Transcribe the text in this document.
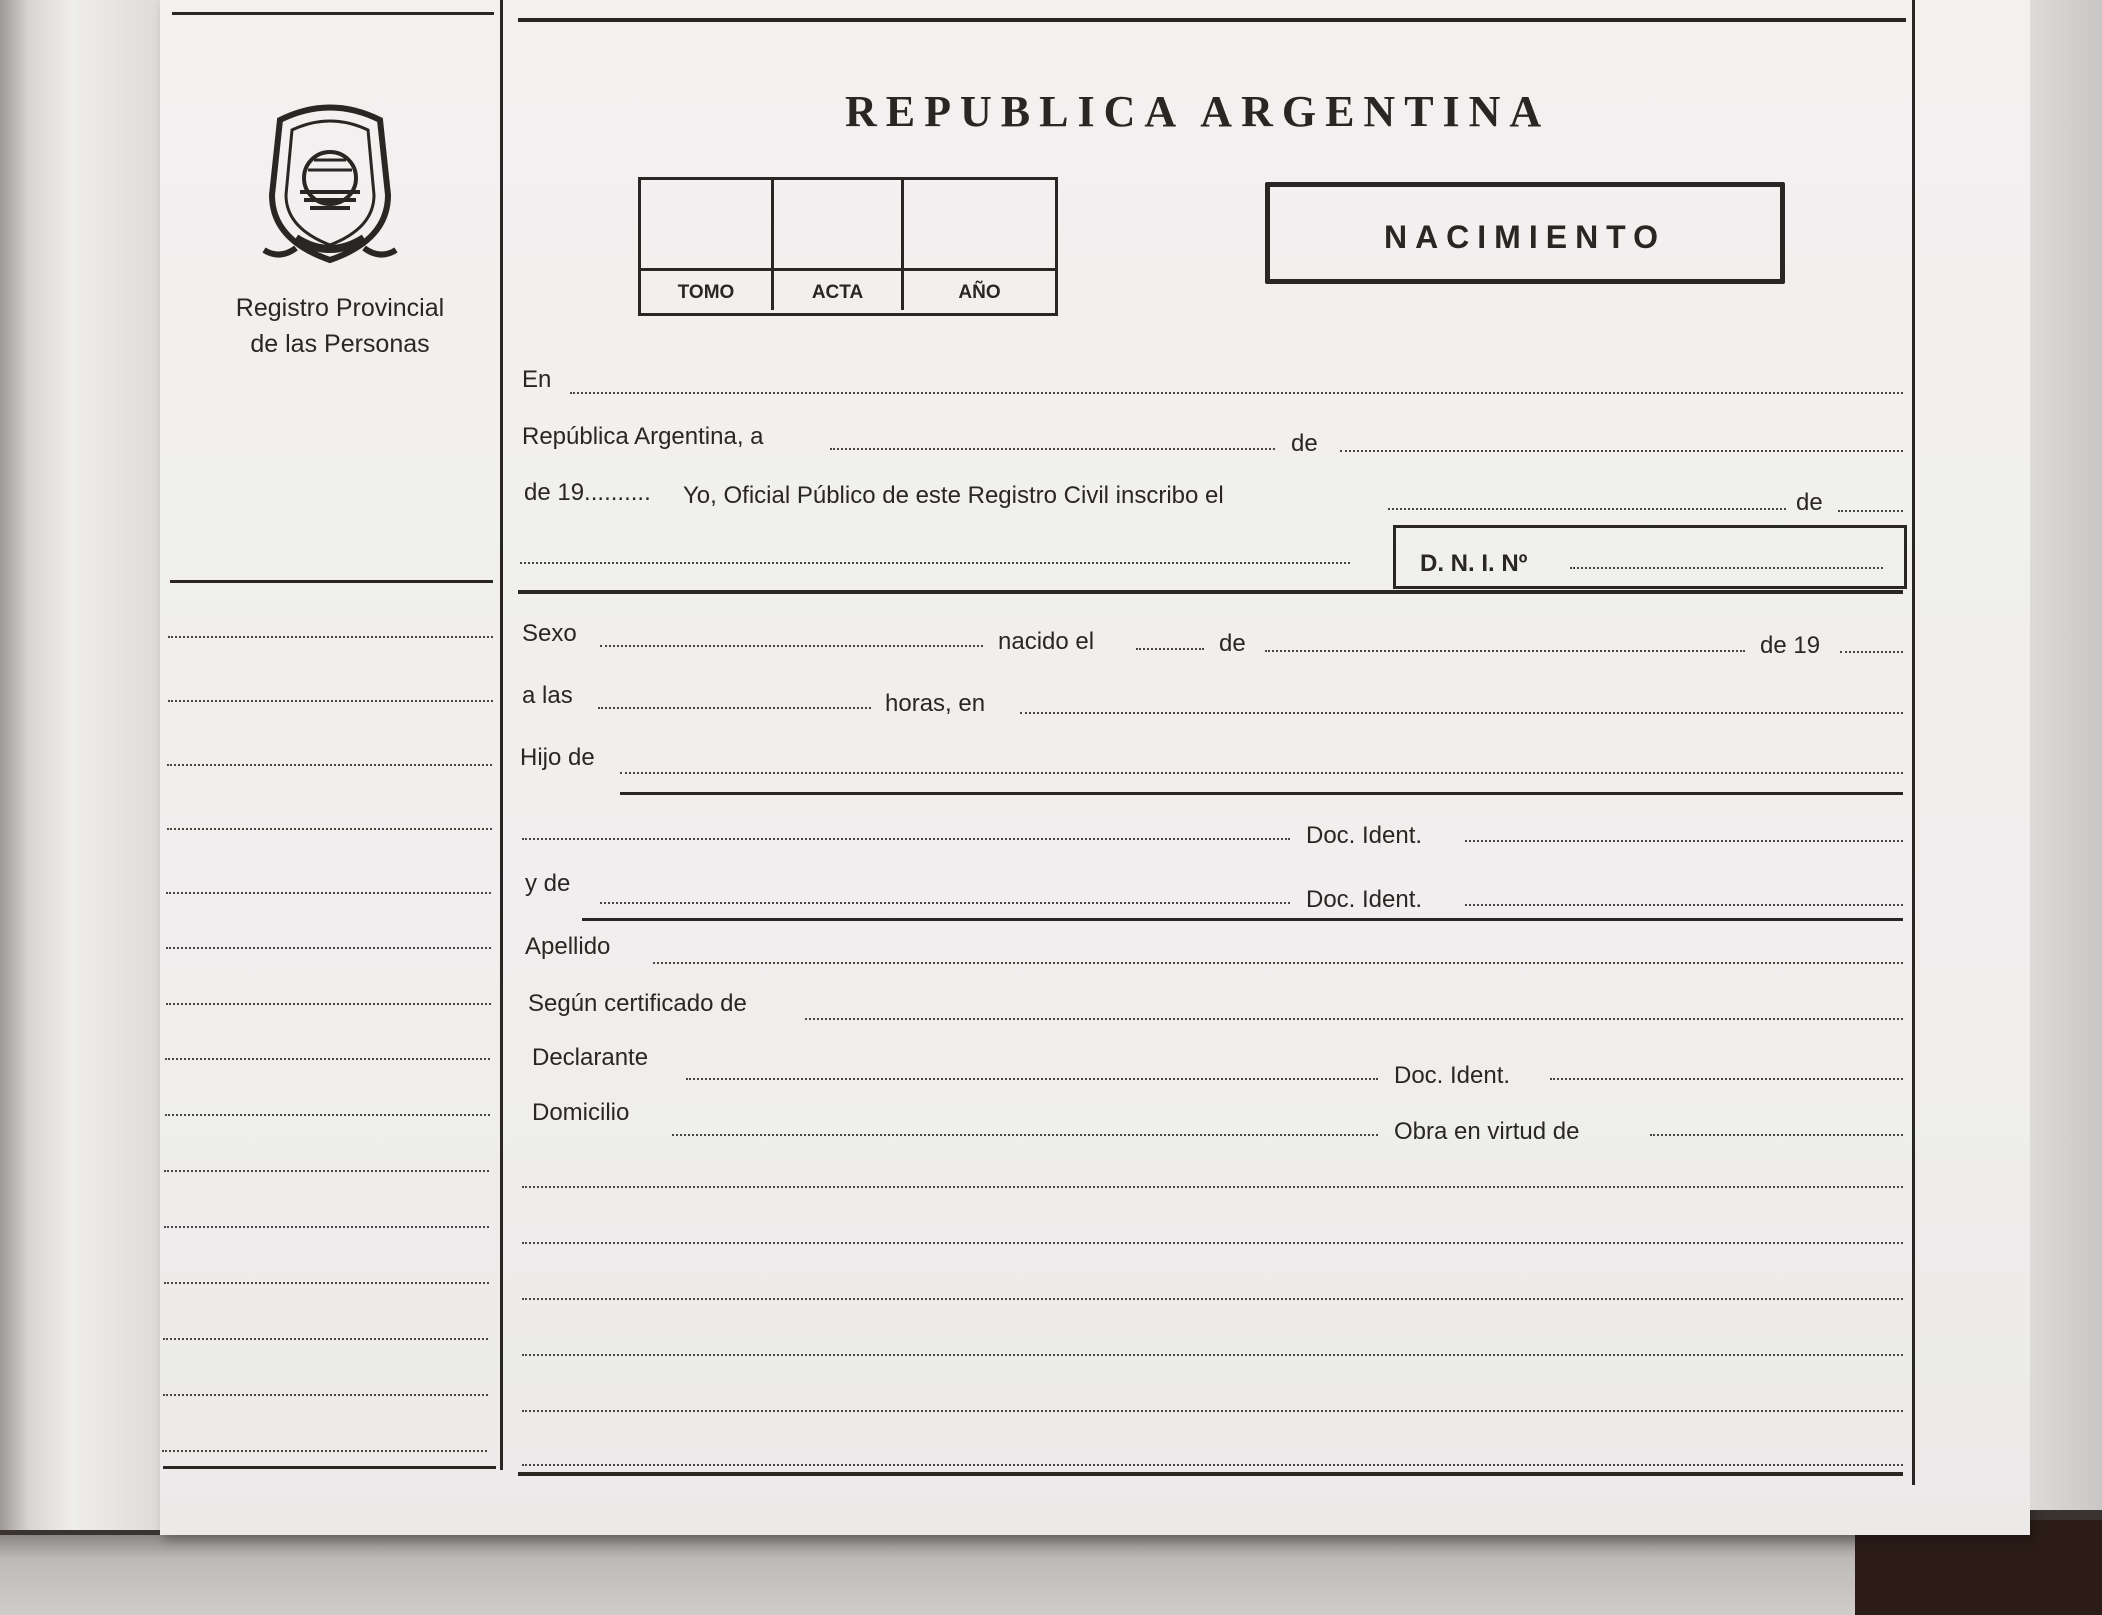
Registro Provincial
de las Personas
REPUBLICA ARGENTINA
TOMO	ACTA	AÑO
NACIMIENTO
En
República Argentina, a	de
de 19.......... Yo, Oficial Público de este Registro Civil inscribo el	de
D. N. I. Nº
Sexo	nacido el	de	de 19
a las	horas, en
Hijo de
Doc. Ident.
y de
Doc. Ident.
Apellido
Según certificado de
Declarante
Doc. Ident.
Domicilio
Obra en virtud de
